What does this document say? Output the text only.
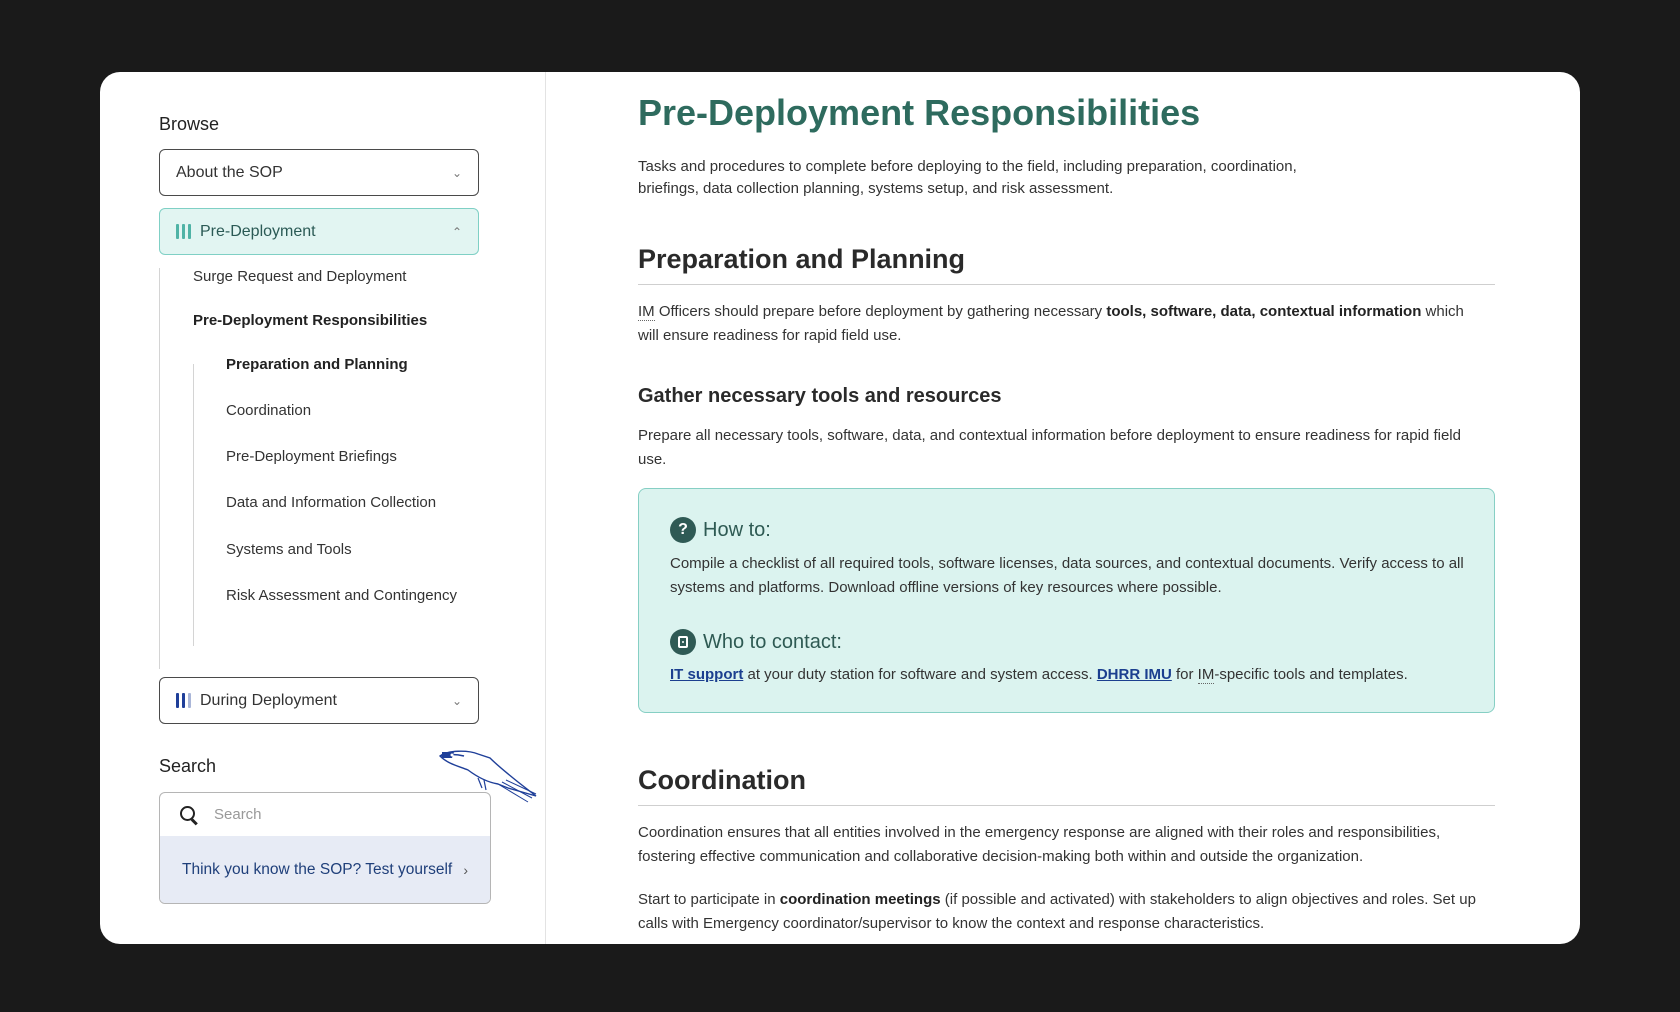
Browse
About the SOP	⌄
Pre-Deployment	⌃
Surge Request and Deployment
Pre-Deployment Responsibilities
Preparation and Planning
Coordination
Pre-Deployment Briefings
Data and Information Collection
Systems and Tools
Risk Assessment and Contingency
During Deployment	⌄
Search
Search
Think you know the SOP? Test yourself ›
Pre-Deployment Responsibilities

Tasks and procedures to complete before deploying to the field, including preparation, coordination, briefings, data collection planning, systems setup, and risk assessment.

Preparation and Planning

IM Officers should prepare before deployment by gathering necessary tools, software, data, contextual information which will ensure readiness for rapid field use.

Gather necessary tools and resources

Prepare all necessary tools, software, data, and contextual information before deployment to ensure readiness for rapid field use.

? How to:

Compile a checklist of all required tools, software licenses, data sources, and contextual documents. Verify access to all systems and platforms. Download offline versions of key resources where possible.

Who to contact:

IT support at your duty station for software and system access. DHRR IMU for IM-specific tools and templates.

Coordination

Coordination ensures that all entities involved in the emergency response are aligned with their roles and responsibilities, fostering effective communication and collaborative decision-making both within and outside the organization.

Start to participate in coordination meetings (if possible and activated) with stakeholders to align objectives and roles. Set up calls with Emergency coordinator/supervisor to know the context and response characteristics.
